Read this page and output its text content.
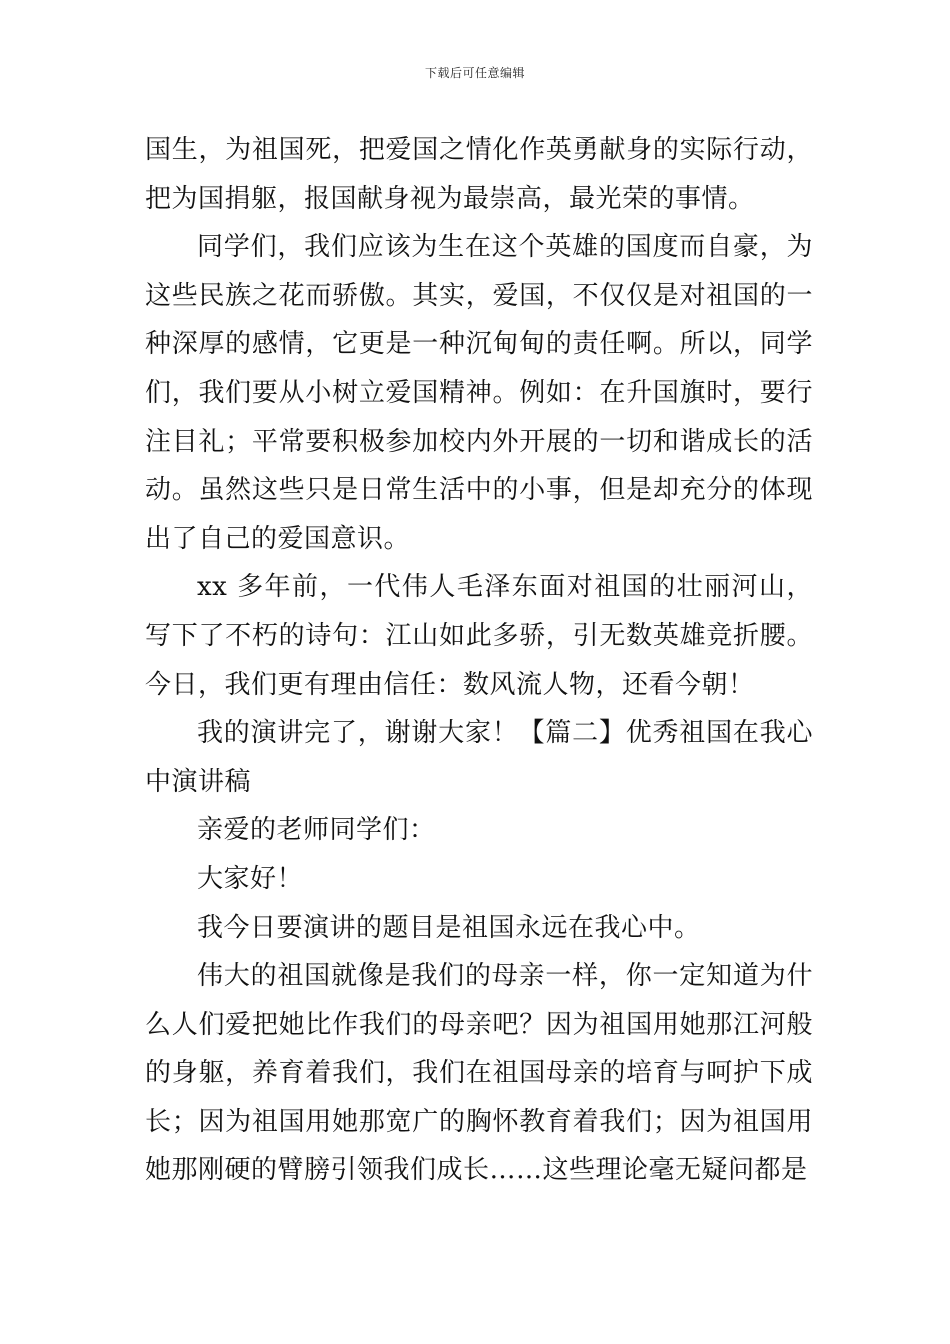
下载后可任意编辑

国生，为祖国死，把爱国之情化作英勇献身的实际行动，把为国捐躯，报国献身视为最崇高，最光荣的事情。

同学们，我们应该为生在这个英雄的国度而自豪，为这些民族之花而骄傲。其实，爱国，不仅仅是对祖国的一种深厚的感情，它更是一种沉甸甸的责任啊。所以，同学们，我们要从小树立爱国精神。例如：在升国旗时，要行注目礼；平常要积极参加校内外开展的一切和谐成长的活动。虽然这些只是日常生活中的小事，但是却充分的体现出了自己的爱国意识。

xx 多年前，一代伟人毛泽东面对祖国的壮丽河山，写下了不朽的诗句：江山如此多骄，引无数英雄竞折腰。今日，我们更有理由信任：数风流人物，还看今朝！

我的演讲完了，谢谢大家！【篇二】优秀祖国在我心中演讲稿

亲爱的老师同学们：

大家好！

我今日要演讲的题目是祖国永远在我心中。

伟大的祖国就像是我们的母亲一样，你一定知道为什么人们爱把她比作我们的母亲吧？因为祖国用她那江河般的身躯，养育着我们，我们在祖国母亲的培育与呵护下成长；因为祖国用她那宽广的胸怀教育着我们；因为祖国用她那刚硬的臂膀引领我们成长……这些理论毫无疑问都是
